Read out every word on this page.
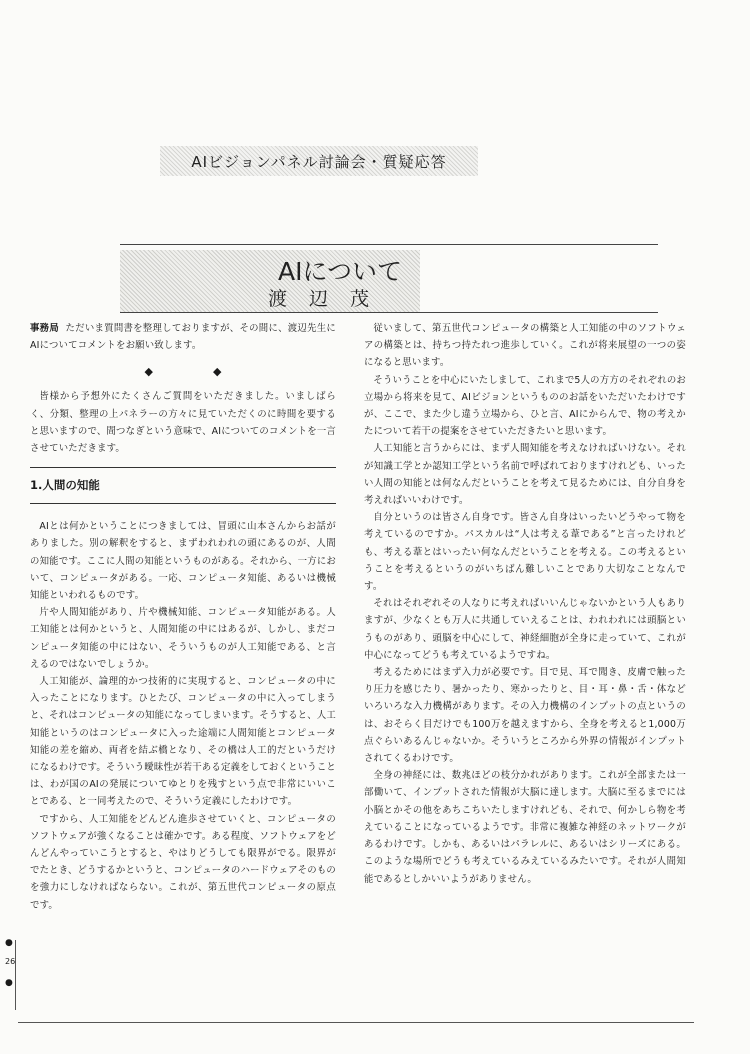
AIビジョンパネル討論会・質疑応答
AIについて
渡辺茂

事務局 ただいま質問書を整理しておりますが、その間に、渡辺先生にAIについてコメントをお願い致します。

◆	◆

皆様から予想外にたくさんご質問をいただきました。いましばらく、分類、整理の上パネラーの方々に見ていただくのに時間を要すると思いますので、間つなぎという意味で、AIについてのコメントを一言させていただきます。

1.人間の知能

AIとは何かということにつきましては、冒頭に山本さんからお話がありました。別の解釈をすると、まずわれわれの頭にあるのが、人間の知能です。ここに人間の知能というものがある。それから、一方において、コンピュータがある。一応、コンピュータ知能、あるいは機械知能といわれるものです。

片や人間知能があり、片や機械知能、コンピュータ知能がある。人工知能とは何かというと、人間知能の中にはあるが、しかし、まだコンピュータ知能の中にはない、そういうものが人工知能である、と言えるのではないでしょうか。

人工知能が、論理的かつ技術的に実現すると、コンピュータの中に入ったことになります。ひとたび、コンピュータの中に入ってしまうと、それはコンピュータの知能になってしまいます。そうすると、人工知能というのはコンピュータに入った途端に人間知能とコンピュータ知能の差を縮め、両者を結ぶ橋となり、その橋は人工的だというだけになるわけです。そういう曖昧性が若干ある定義をしておくということは、わが国のAIの発展についてゆとりを残すという点で非常にいいことである、と一同考えたので、そういう定義にしたわけです。

ですから、人工知能をどんどん進歩させていくと、コンピュータのソフトウェアが強くなることは確かです。ある程度、ソフトウェアをどんどんやっていこうとすると、やはりどうしても限界がでる。限界がでたとき、どうするかというと、コンピュータのハードウェアそのものを強力にしなければならない。これが、第五世代コンピュータの原点です。

従いまして、第五世代コンピュータの構築と人工知能の中のソフトウェアの構築とは、持ちつ持たれつ進歩していく。これが将来展望の一つの姿になると思います。

そういうことを中心にいたしまして、これまで5人の方方のそれぞれのお立場から将来を見て、AIビジョンというもののお話をいただいたわけですが、ここで、また少し違う立場から、ひと言、AIにからんで、物の考えかたについて若干の提案をさせていただきたいと思います。

人工知能と言うからには、まず人間知能を考えなければいけない。それが知識工学とか認知工学という名前で呼ばれておりますけれども、いったい人間の知能とは何なんだということを考えて見るためには、自分自身を考えればいいわけです。

自分というのは皆さん自身です。皆さん自身はいったいどうやって物を考えているのですか。パスカルは“人は考える葦である”と言ったけれども、考える葦とはいったい何なんだということを考える。この考えるということを考えるというのがいちばん難しいことであり大切なことなんです。

それはそれぞれその人なりに考えればいいんじゃないかという人もありますが、少なくとも万人に共通していえることは、われわれには頭脳というものがあり、頭脳を中心にして、神経細胞が全身に走っていて、これが中心になってどうも考えているようですね。

考えるためにはまず入力が必要です。目で見、耳で聞き、皮膚で触ったり圧力を感じたり、暑かったり、寒かったりと、目・耳・鼻・舌・体などいろいろな入力機構があります。その入力機構のインプットの点というのは、おそらく目だけでも100万を越えますから、全身を考えると1,000万点ぐらいあるんじゃないか。そういうところから外界の情報がインプットされてくるわけです。

全身の神経には、数兆ほどの枝分かれがあります。これが全部または一部働いて、インプットされた情報が大脳に達します。大脳に至るまでには小脳とかその他をあちこちいたしますけれども、それで、何かしら物を考えていることになっているようです。非常に複雑な神経のネットワークがあるわけです。しかも、あるいはパラレルに、あるいはシリーズにある。このような場所でどうも考えているみえているみたいです。それが人間知能であるとしかいいようがありません。

●
26
●
